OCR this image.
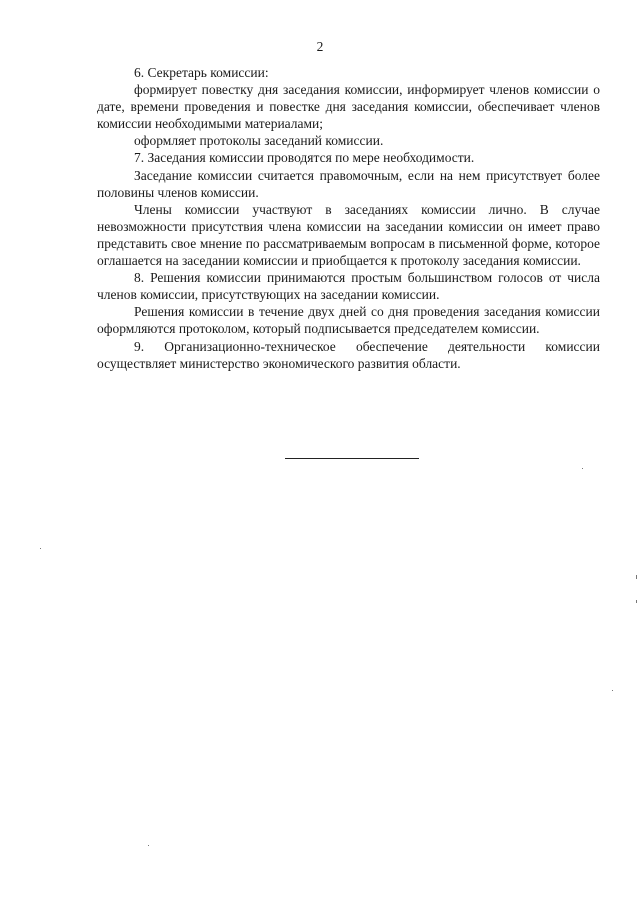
2

6. Секретарь комиссии:

формирует повестку дня заседания комиссии, информирует членов комиссии о дате, времени проведения и повестке дня заседания комиссии, обеспечивает членов комиссии необходимыми материалами;

оформляет протоколы заседаний комиссии.

7. Заседания комиссии проводятся по мере необходимости.

Заседание комиссии считается правомочным, если на нем присутствует более половины членов комиссии.

Члены комиссии участвуют в заседаниях комиссии лично. В случае невозможности присутствия члена комиссии на заседании комиссии он имеет право представить свое мнение по рассматриваемым вопросам в письменной форме, которое оглашается на заседании комиссии и приобщается к протоколу заседания комиссии.

8. Решения комиссии принимаются простым большинством голосов от числа членов комиссии, присутствующих на заседании комиссии.

Решения комиссии в течение двух дней со дня проведения заседания комиссии оформляются протоколом, который подписывается председателем комиссии.

9. Организационно-техническое обеспечение деятельности комиссии осуществляет министерство экономического развития области.
